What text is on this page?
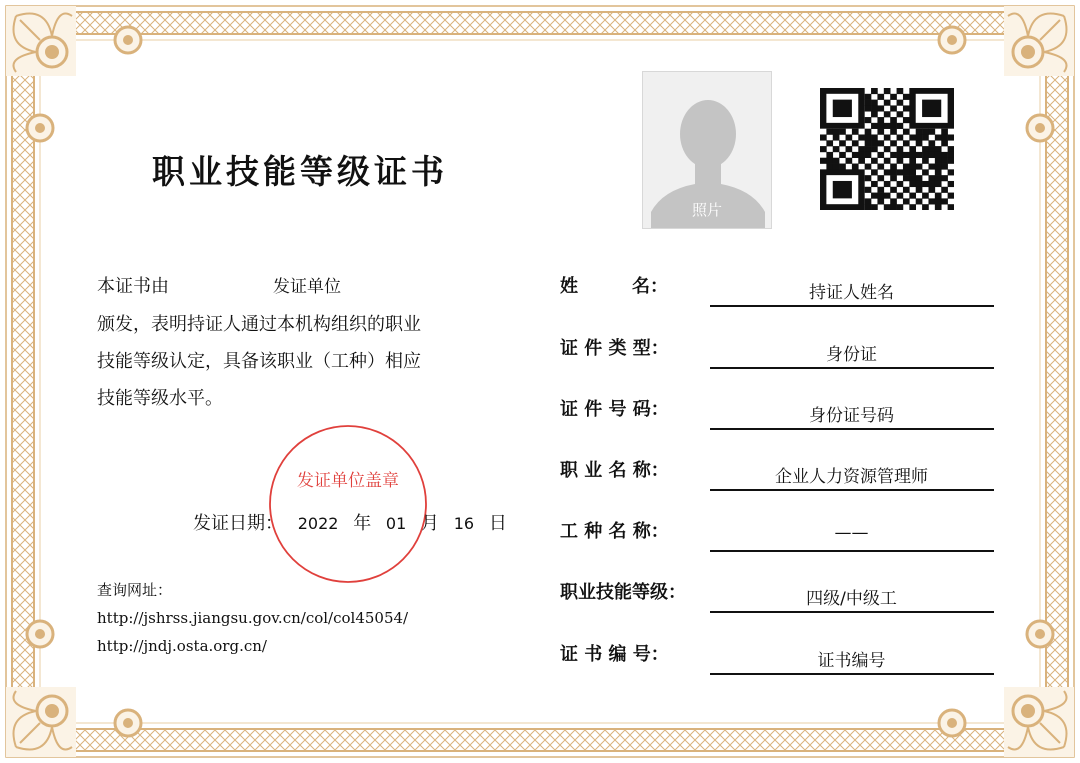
职业技能等级证书
本证书由	发证单位
颁发，表明持证人通过本机构组织的职业
技能等级认定，具备该职业（工种）相应
技能等级水平。
发证单位盖章
发证日期： 2022 年 01 月 16 日
查询网址：
http://jshrss.jiangsu.gov.cn/col/col45054/
http://jndj.osta.org.cn/
照片
姓　　　名：	持证人姓名
证 件 类 型：	身份证
证 件 号 码：	身份证号码
职 业 名 称：	企业人力资源管理师
工 种 名 称：	——
职业技能等级：	四级/中级工
证 书 编 号：	证书编号
